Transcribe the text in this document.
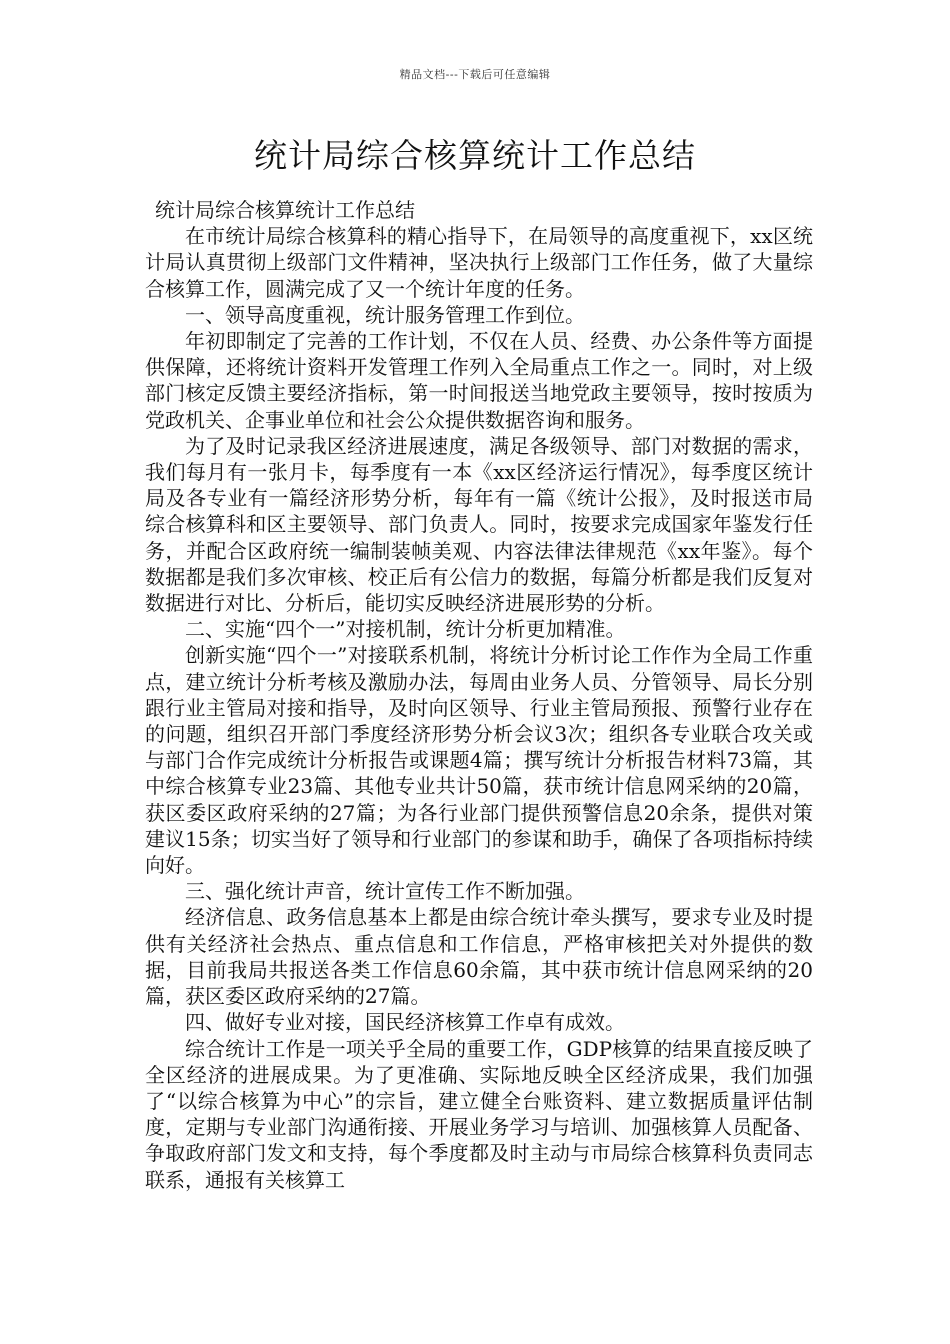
精品文档---下载后可任意编辑
统计局综合核算统计工作总结

统计局综合核算统计工作总结

在市统计局综合核算科的精心指导下，在局领导的高度重视下，xx区统计局认真贯彻上级部门文件精神，坚决执行上级部门工作任务，做了大量综合核算工作，圆满完成了又一个统计年度的任务。

一、领导高度重视，统计服务管理工作到位。

年初即制定了完善的工作计划，不仅在人员、经费、办公条件等方面提供保障，还将统计资料开发管理工作列入全局重点工作之一。同时，对上级部门核定反馈主要经济指标，第一时间报送当地党政主要领导，按时按质为党政机关、企事业单位和社会公众提供数据咨询和服务。

为了及时记录我区经济进展速度，满足各级领导、部门对数据的需求，我们每月有一张月卡，每季度有一本《xx区经济运行情况》，每季度区统计局及各专业有一篇经济形势分析，每年有一篇《统计公报》，及时报送市局综合核算科和区主要领导、部门负责人。同时，按要求完成国家年鉴发行任务，并配合区政府统一编制装帧美观、内容法律法律规范《xx年鉴》。每个数据都是我们多次审核、校正后有公信力的数据，每篇分析都是我们反复对数据进行对比、分析后，能切实反映经济进展形势的分析。

二、实施“四个一”对接机制，统计分析更加精准。

创新实施“四个一”对接联系机制，将统计分析讨论工作作为全局工作重点，建立统计分析考核及激励办法，每周由业务人员、分管领导、局长分别跟行业主管局对接和指导，及时向区领导、行业主管局预报、预警行业存在的问题，组织召开部门季度经济形势分析会议3次；组织各专业联合攻关或与部门合作完成统计分析报告或课题4篇；撰写统计分析报告材料73篇，其中综合核算专业23篇、其他专业共计50篇，获市统计信息网采纳的20篇，获区委区政府采纳的27篇；为各行业部门提供预警信息20余条，提供对策建议15条；切实当好了领导和行业部门的参谋和助手，确保了各项指标持续向好。

三、强化统计声音，统计宣传工作不断加强。

经济信息、政务信息基本上都是由综合统计牵头撰写，要求专业及时提供有关经济社会热点、重点信息和工作信息，严格审核把关对外提供的数据，目前我局共报送各类工作信息60余篇，其中获市统计信息网采纳的20篇，获区委区政府采纳的27篇。

四、做好专业对接，国民经济核算工作卓有成效。

综合统计工作是一项关乎全局的重要工作，GDP核算的结果直接反映了全区经济的进展成果。为了更准确、实际地反映全区经济成果，我们加强了“以综合核算为中心”的宗旨，建立健全台账资料、建立数据质量评估制度，定期与专业部门沟通衔接、开展业务学习与培训、加强核算人员配备、争取政府部门发文和支持，每个季度都及时主动与市局综合核算科负责同志联系，通报有关核算工
